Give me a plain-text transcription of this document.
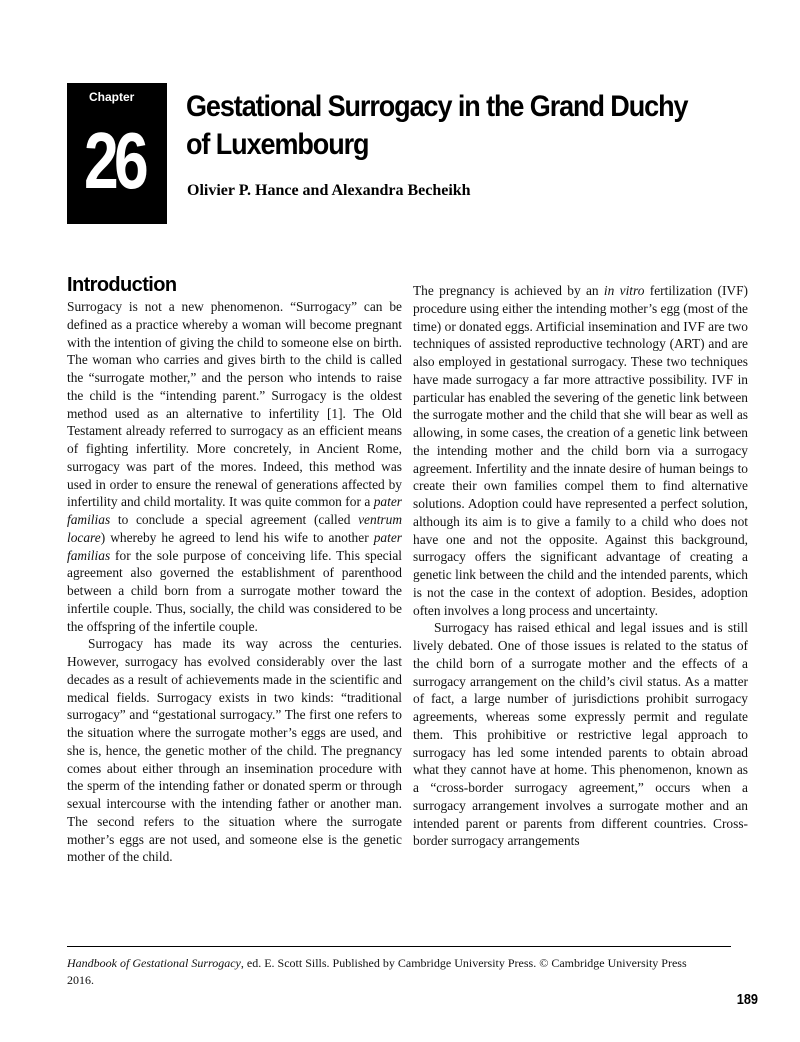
Chapter
26
Gestational Surrogacy in the Grand Duchy of Luxembourg
Olivier P. Hance and Alexandra Becheikh
Introduction

Surrogacy is not a new phenomenon. “Surrogacy” can be defined as a practice whereby a woman will become pregnant with the intention of giving the child to someone else on birth. The woman who carries and gives birth to the child is called the “surrogate mother,” and the person who intends to raise the child is the “intending parent.” Surrogacy is the oldest method used as an alternative to infertility [1]. The Old Testament already referred to surrogacy as an efficient means of fighting infertility. More concretely, in Ancient Rome, surrogacy was part of the mores. Indeed, this method was used in order to ensure the renewal of generations affected by infertility and child mortality. It was quite common for a pater familias to conclude a special agreement (called ventrum locare) whereby he agreed to lend his wife to another pater familias for the sole purpose of conceiving life. This special agreement also governed the establishment of parenthood between a child born from a surrogate mother toward the infertile couple. Thus, socially, the child was considered to be the offspring of the infertile couple.

Surrogacy has made its way across the centuries. However, surrogacy has evolved considerably over the last decades as a result of achievements made in the scientific and medical fields. Surrogacy exists in two kinds: “traditional surrogacy” and “gestational surrogacy.” The first one refers to the situation where the surrogate mother’s eggs are used, and she is, hence, the genetic mother of the child. The pregnancy comes about either through an insemination procedure with the sperm of the intending father or donated sperm or through sexual intercourse with the intending father or another man. The second refers to the situation where the surrogate mother’s eggs are not used, and someone else is the genetic mother of the child.

The pregnancy is achieved by an in vitro fertilization (IVF) procedure using either the intending mother’s egg (most of the time) or donated eggs. Artificial insemination and IVF are two techniques of assisted reproductive technology (ART) and are also employed in gestational surrogacy. These two techniques have made surrogacy a far more attractive possibility. IVF in particular has enabled the severing of the genetic link between the surrogate mother and the child that she will bear as well as allowing, in some cases, the creation of a genetic link between the intending mother and the child born via a surrogacy agreement. Infertility and the innate desire of human beings to create their own families compel them to find alternative solutions. Adoption could have represented a perfect solution, although its aim is to give a family to a child who does not have one and not the opposite. Against this background, surrogacy offers the significant advantage of creating a genetic link between the child and the intended parents, which is not the case in the context of adoption. Besides, adoption often involves a long process and uncertainty.

Surrogacy has raised ethical and legal issues and is still lively debated. One of those issues is related to the status of the child born of a surrogate mother and the effects of a surrogacy arrangement on the child’s civil status. As a matter of fact, a large number of jurisdictions prohibit surrogacy agreements, whereas some expressly permit and regulate them. This prohibitive or restrictive legal approach to surrogacy has led some intended parents to obtain abroad what they cannot have at home. This phenomenon, known as a “cross-border surrogacy agreement,” occurs when a surrogacy arrangement involves a surrogate mother and an intended parent or parents from different countries. Cross-border surrogacy arrangements

Handbook of Gestational Surrogacy, ed. E. Scott Sills. Published by Cambridge University Press. © Cambridge University Press 2016.
189
